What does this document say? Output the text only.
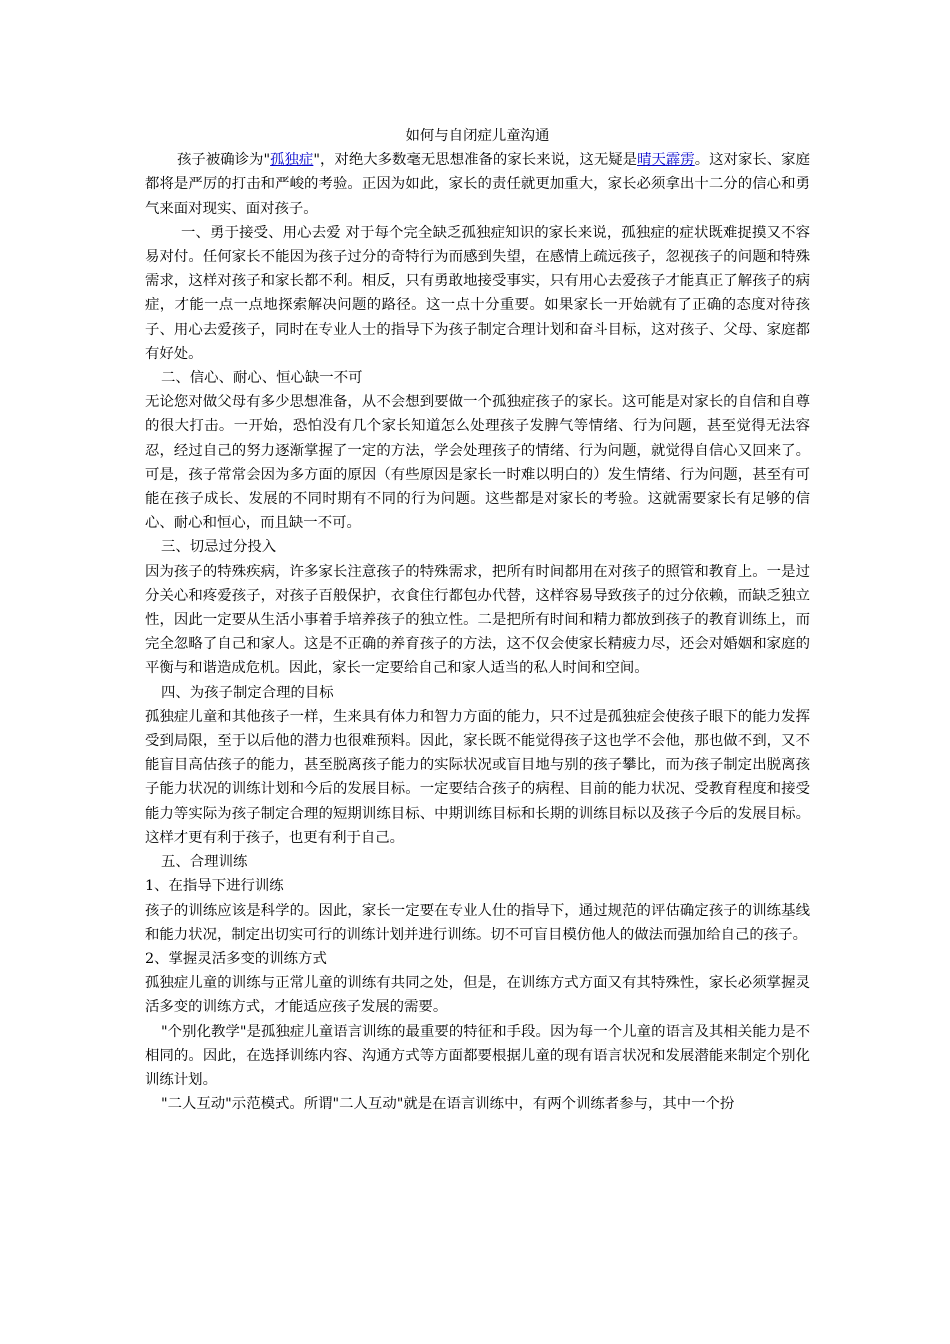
如何与自闭症儿童沟通

孩子被确诊为"孤独症"，对绝大多数毫无思想准备的家长来说，这无疑是晴天霹雳。这对家长、家庭都将是严厉的打击和严峻的考验。正因为如此，家长的责任就更加重大，家长必须拿出十二分的信心和勇气来面对现实、面对孩子。

一、勇于接受、用心去爱 对于每个完全缺乏孤独症知识的家长来说，孤独症的症状既难捉摸又不容易对付。任何家长不能因为孩子过分的奇特行为而感到失望，在感情上疏远孩子，忽视孩子的问题和特殊需求，这样对孩子和家长都不利。相反，只有勇敢地接受事实，只有用心去爱孩子才能真正了解孩子的病症，才能一点一点地探索解决问题的路径。这一点十分重要。如果家长一开始就有了正确的态度对待孩子、用心去爱孩子，同时在专业人士的指导下为孩子制定合理计划和奋斗目标，这对孩子、父母、家庭都有好处。

二、信心、耐心、恒心缺一不可

无论您对做父母有多少思想准备，从不会想到要做一个孤独症孩子的家长。这可能是对家长的自信和自尊的很大打击。一开始，恐怕没有几个家长知道怎么处理孩子发脾气等情绪、行为问题，甚至觉得无法容忍，经过自己的努力逐渐掌握了一定的方法，学会处理孩子的情绪、行为问题，就觉得自信心又回来了。可是，孩子常常会因为多方面的原因（有些原因是家长一时难以明白的）发生情绪、行为问题，甚至有可能在孩子成长、发展的不同时期有不同的行为问题。这些都是对家长的考验。这就需要家长有足够的信心、耐心和恒心，而且缺一不可。

三、切忌过分投入

因为孩子的特殊疾病，许多家长注意孩子的特殊需求，把所有时间都用在对孩子的照管和教育上。一是过分关心和疼爱孩子，对孩子百般保护，衣食住行都包办代替，这样容易导致孩子的过分依赖，而缺乏独立性，因此一定要从生活小事着手培养孩子的独立性。二是把所有时间和精力都放到孩子的教育训练上，而完全忽略了自己和家人。这是不正确的养育孩子的方法，这不仅会使家长精疲力尽，还会对婚姻和家庭的平衡与和谐造成危机。因此，家长一定要给自己和家人适当的私人时间和空间。

四、为孩子制定合理的目标

孤独症儿童和其他孩子一样，生来具有体力和智力方面的能力，只不过是孤独症会使孩子眼下的能力发挥受到局限，至于以后他的潜力也很难预料。因此，家长既不能觉得孩子这也学不会他，那也做不到，又不能盲目高估孩子的能力，甚至脱离孩子能力的实际状况或盲目地与别的孩子攀比，而为孩子制定出脱离孩子能力状况的训练计划和今后的发展目标。一定要结合孩子的病程、目前的能力状况、受教育程度和接受能力等实际为孩子制定合理的短期训练目标、中期训练目标和长期的训练目标以及孩子今后的发展目标。这样才更有利于孩子，也更有利于自己。

五、合理训练

1、在指导下进行训练

孩子的训练应该是科学的。因此，家长一定要在专业人仕的指导下，通过规范的评估确定孩子的训练基线和能力状况，制定出切实可行的训练计划并进行训练。切不可盲目模仿他人的做法而强加给自己的孩子。

2、掌握灵活多变的训练方式

孤独症儿童的训练与正常儿童的训练有共同之处，但是，在训练方式方面又有其特殊性，家长必须掌握灵活多变的训练方式，才能适应孩子发展的需要。

"个别化教学"是孤独症儿童语言训练的最重要的特征和手段。因为每一个儿童的语言及其相关能力是不相同的。因此，在选择训练内容、沟通方式等方面都要根据儿童的现有语言状况和发展潜能来制定个别化训练计划。

"二人互动"示范模式。所谓"二人互动"就是在语言训练中，有两个训练者参与，其中一个扮
